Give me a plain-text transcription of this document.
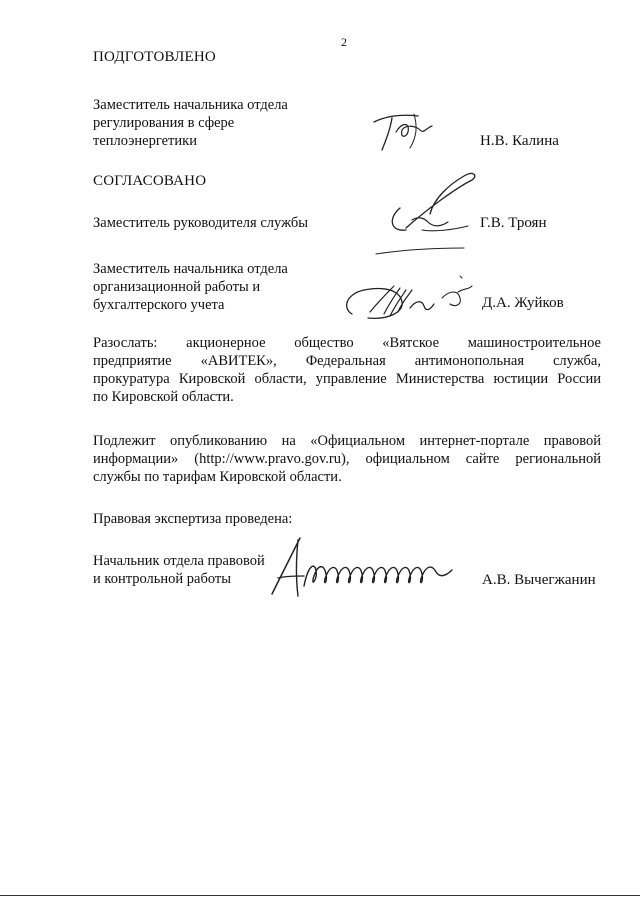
2
ПОДГОТОВЛЕНО
Заместитель начальника отдела
регулирования в сфере
теплоэнергетики	Н.В. Калина
СОГЛАСОВАНО
Заместитель руководителя службы	Г.В. Троян
Заместитель начальника отдела
организационной работы и
бухгалтерского учета	Д.А. Жуйков
Разослать: акционерное общество «Вятское машиностроительное
предприятие «АВИТЕК», Федеральная антимонопольная служба,
прокуратура Кировской области, управление Министерства юстиции России
по Кировской области.
Подлежит опубликованию на «Официальном интернет-портале правовой
информации» (http://www.pravo.gov.ru), официальном сайте региональной
службы по тарифам Кировской области.
Правовая экспертиза проведена:
Начальник отдела правовой
и контрольной работы	А.В. Вычегжанин
